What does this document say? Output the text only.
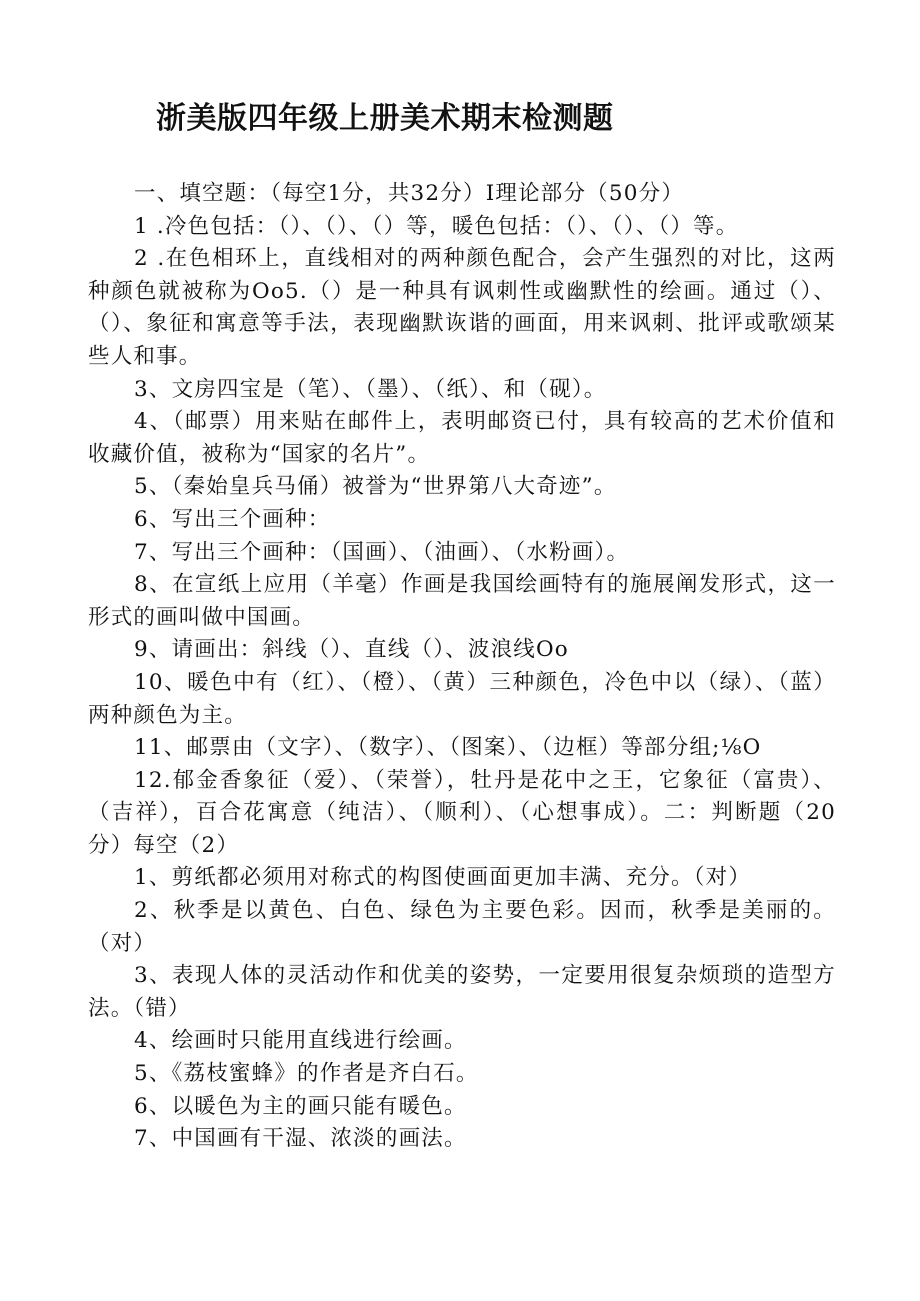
浙美版四年级上册美术期末检测题

一、填空题：（每空1分，共32分）I理论部分（50分）

1 .冷色包括：（）、（）、（）等，暖色包括：（）、（）、（）等。

2 .在色相环上，直线相对的两种颜色配合，会产生强烈的对比，这两种颜色就被称为Oo5.（）是一种具有讽刺性或幽默性的绘画。通过（）、（）、象征和寓意等手法，表现幽默诙谐的画面，用来讽刺、批评或歌颂某些人和事。

3、文房四宝是（笔）、（墨）、（纸）、和（砚）。

4、（邮票）用来贴在邮件上，表明邮资已付，具有较高的艺术价值和收藏价值，被称为“国家的名片”。

5、（秦始皇兵马俑）被誉为“世界第八大奇迹”。

6、写出三个画种：

7、写出三个画种：（国画）、（油画）、（水粉画）。

8、在宣纸上应用（羊毫）作画是我国绘画特有的施展阐发形式，这一形式的画叫做中国画。

9、请画出：斜线（）、直线（）、波浪线Oo

10、暖色中有（红）、（橙）、（黄）三种颜色，冷色中以（绿）、（蓝）两种颜色为主。

11、邮票由（文字）、（数字）、（图案）、（边框）等部分组;⅛O

12.郁金香象征（爱）、（荣誉），牡丹是花中之王，它象征（富贵）、（吉祥），百合花寓意（纯洁）、（顺利）、（心想事成）。二：判断题（20分）每空（2）

1、剪纸都必须用对称式的构图使画面更加丰满、充分。（对）

2、秋季是以黄色、白色、绿色为主要色彩。因而，秋季是美丽的。（对）

3、表现人体的灵活动作和优美的姿势，一定要用很复杂烦琐的造型方法。（错）

4、绘画时只能用直线进行绘画。

5、《荔枝蜜蜂》的作者是齐白石。

6、以暖色为主的画只能有暖色。

7、中国画有干湿、浓淡的画法。
